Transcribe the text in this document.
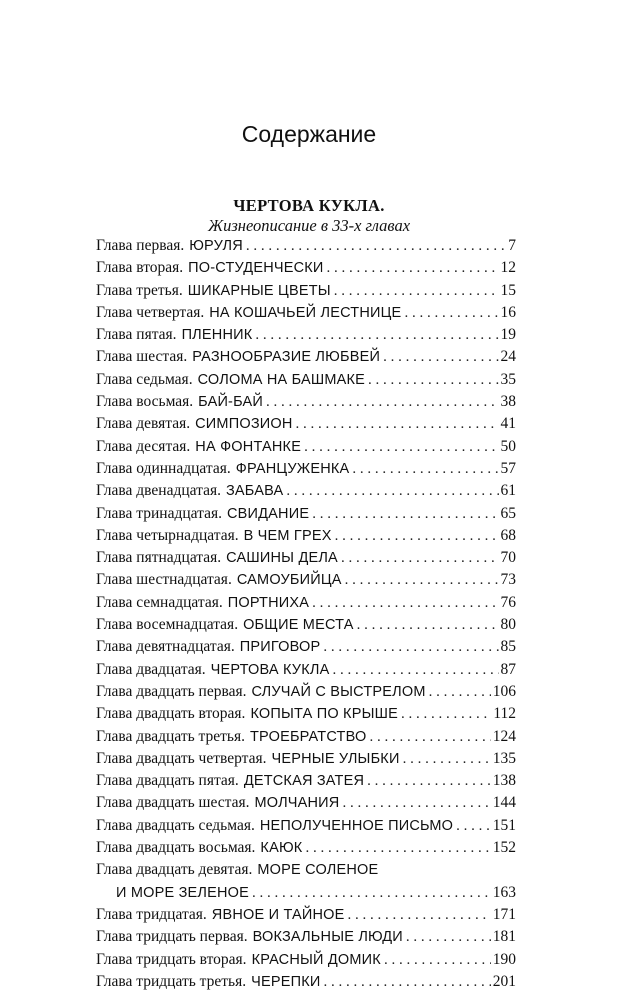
Содержание
ЧЕРТОВА КУКЛА.
Жизнеописание в 33-х главах
Глава первая. ЮРУЛЯ . . .	7
Глава вторая. ПО-СТУДЕНЧЕСКИ . . .	12
Глава третья. ШИКАРНЫЕ ЦВЕТЫ . . .	15
Глава четвертая. НА КОШАЧЬЕЙ ЛЕСТНИЦЕ . . .	16
Глава пятая. ПЛЕННИК . . .	19
Глава шестая. РАЗНООБРАЗИЕ ЛЮБВЕЙ . . .	24
Глава седьмая. СОЛОМА НА БАШМАКЕ . . .	35
Глава восьмая. БАЙ-БАЙ . . .	38
Глава девятая. СИМПОЗИОН . . .	41
Глава десятая. НА ФОНТАНКЕ . . .	50
Глава одиннадцатая. ФРАНЦУЖЕНКА . . .	57
Глава двенадцатая. ЗАБАВА . . .	61
Глава тринадцатая. СВИДАНИЕ . . .	65
Глава четырнадцатая. В ЧЕМ ГРЕХ . . .	68
Глава пятнадцатая. САШИНЫ ДЕЛА . . .	70
Глава шестнадцатая. САМОУБИЙЦА . . .	73
Глава семнадцатая. ПОРТНИХА . . .	76
Глава восемнадцатая. ОБЩИЕ МЕСТА . . .	80
Глава девятнадцатая. ПРИГОВОР . . .	85
Глава двадцатая. ЧЕРТОВА КУКЛА . . .	87
Глава двадцать первая. СЛУЧАЙ С ВЫСТРЕЛОМ . . .	106
Глава двадцать вторая. КОПЫТА ПО КРЫШЕ . . .	112
Глава двадцать третья. ТРОЕБРАТСТВО . . .	124
Глава двадцать четвертая. ЧЕРНЫЕ УЛЫБКИ . . .	135
Глава двадцать пятая. ДЕТСКАЯ ЗАТЕЯ . . .	138
Глава двадцать шестая. МОЛЧАНИЯ . . .	144
Глава двадцать седьмая. НЕПОЛУЧЕННОЕ ПИСЬМО . . .	151
Глава двадцать восьмая. КАЮК . . .	152
Глава двадцать девятая. МОРЕ СОЛЕНОЕ
И МОРЕ ЗЕЛЕНОЕ . . .	163
Глава тридцатая. ЯВНОЕ И ТАЙНОЕ . . .	171
Глава тридцать первая. ВОКЗАЛЬНЫЕ ЛЮДИ . . .	181
Глава тридцать вторая. КРАСНЫЙ ДОМИК . . .	190
Глава тридцать третья. ЧЕРЕПКИ . . .	201
